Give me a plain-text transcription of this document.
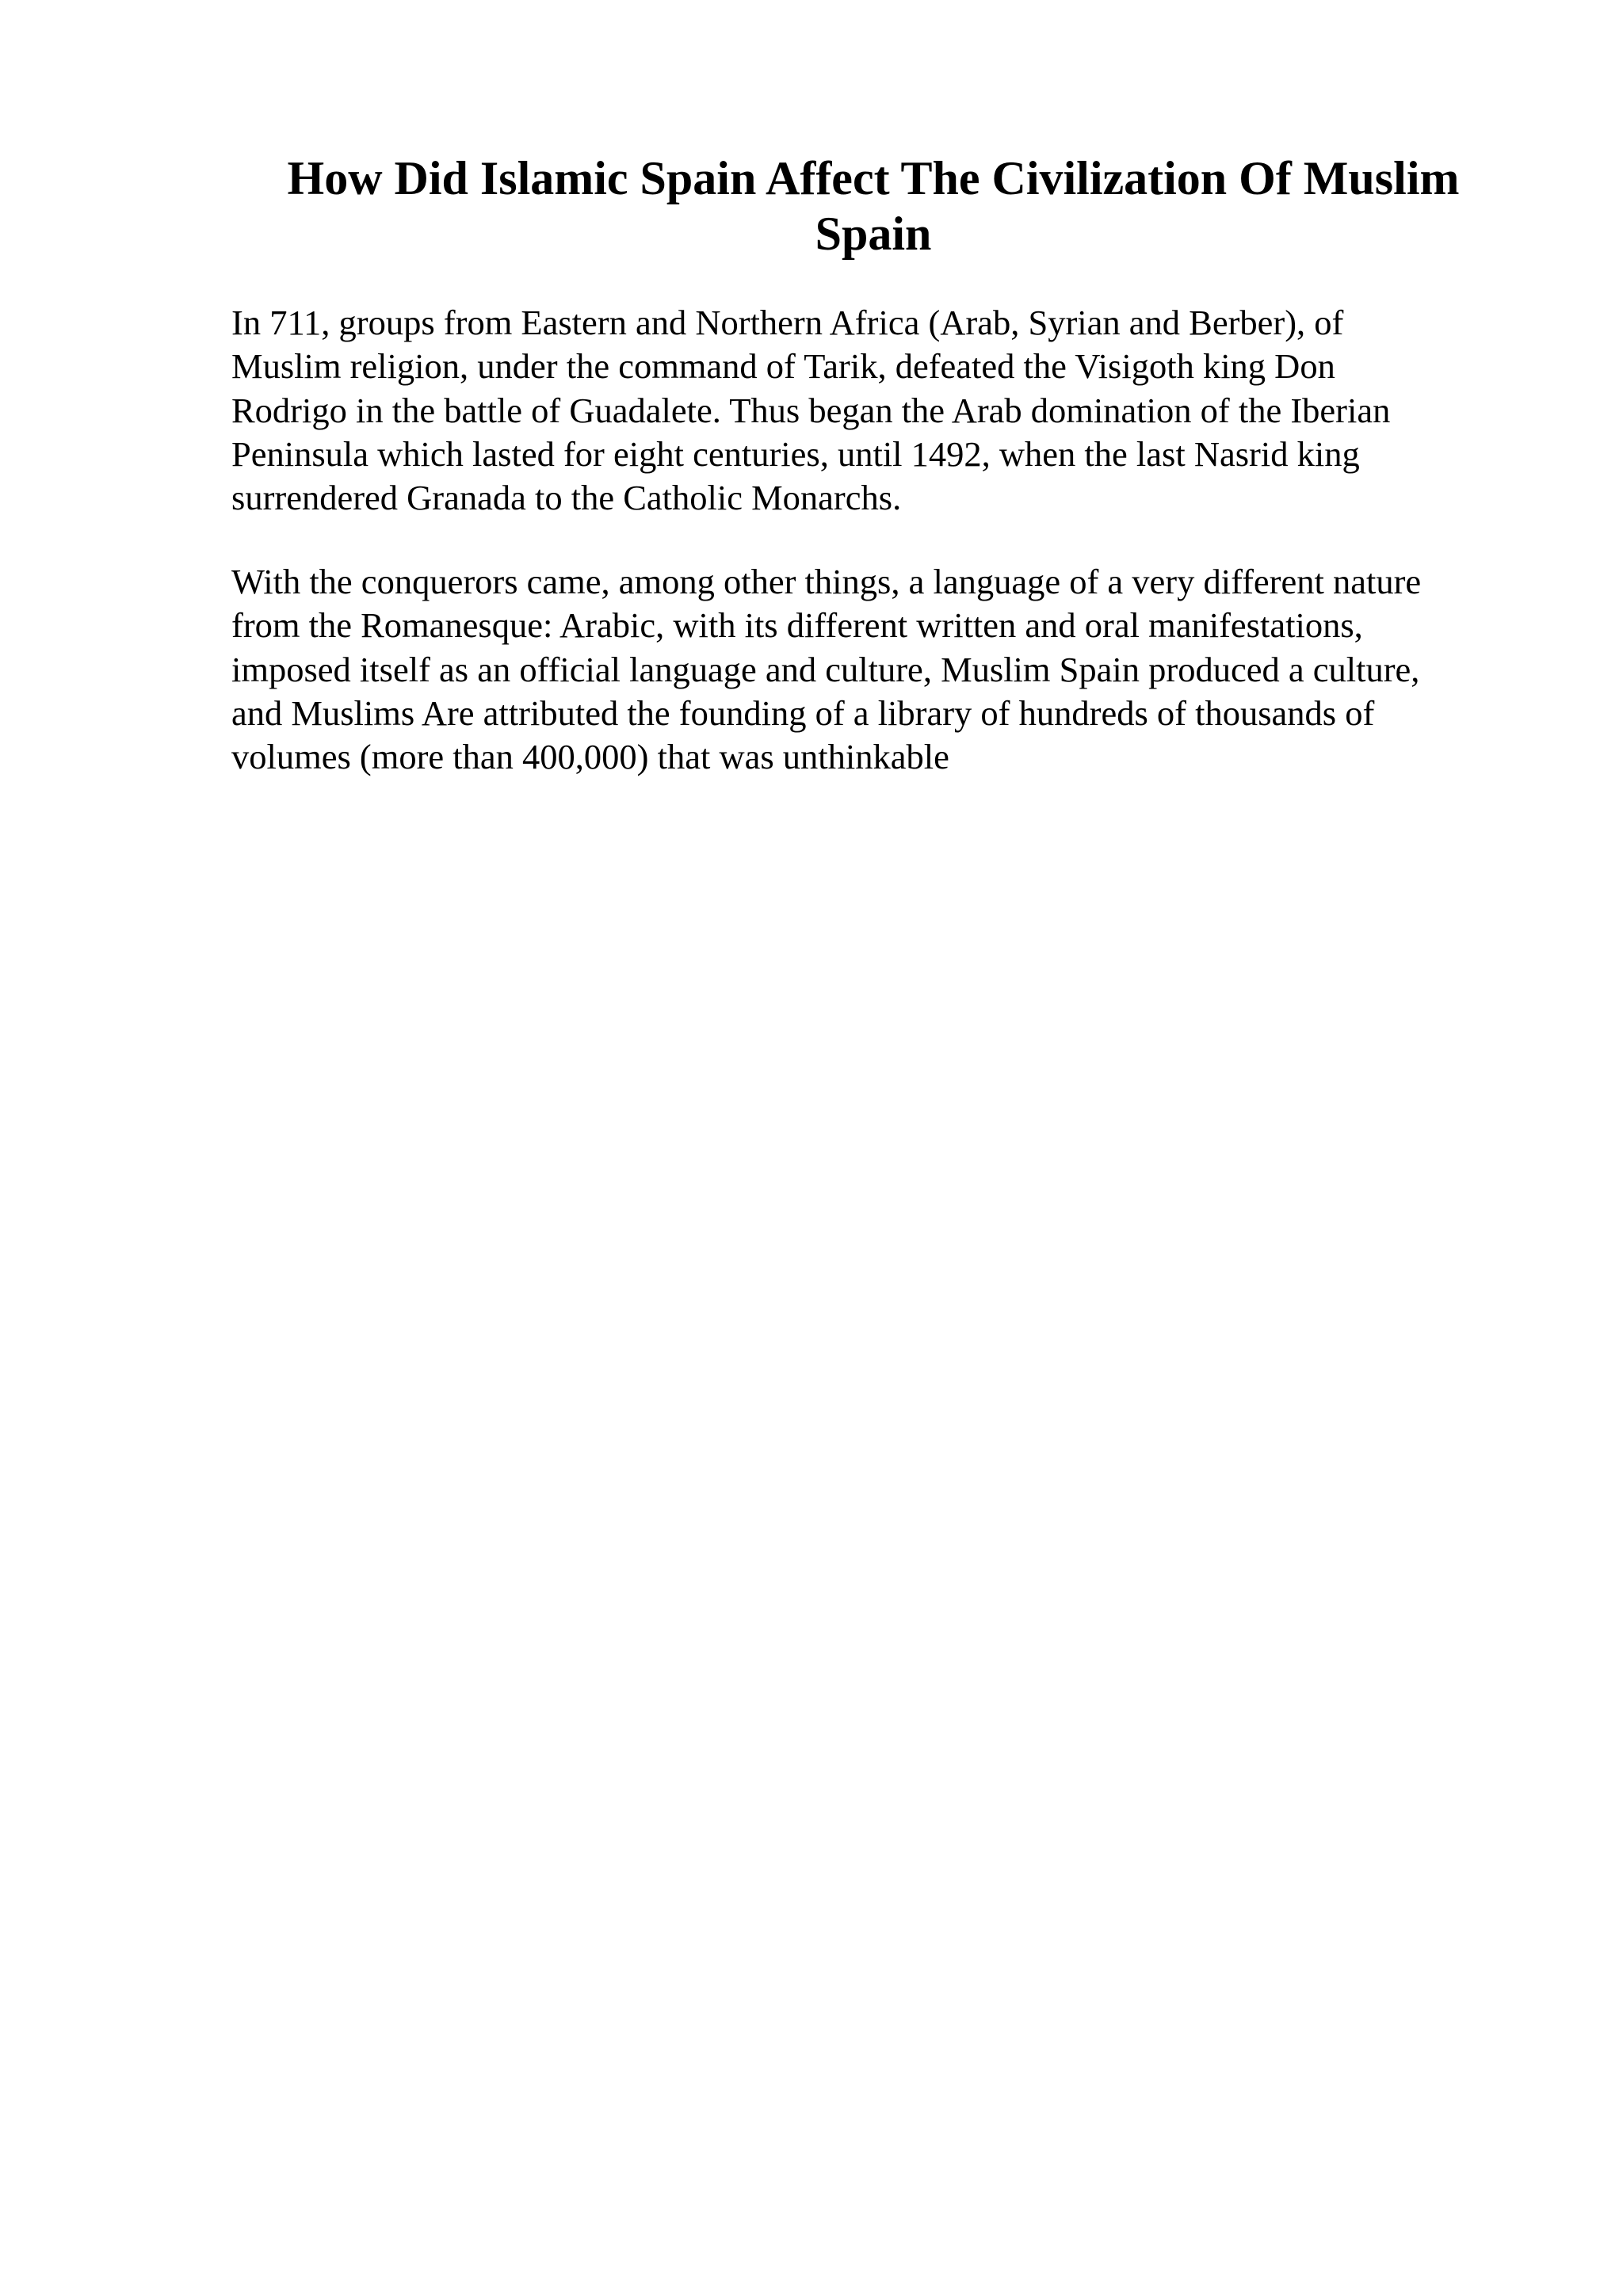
How Did Islamic Spain Affect The Civilization Of Muslim
Spain

In 711, groups from Eastern and Northern Africa (Arab, Syrian and Berber), of
Muslim religion, under the command of Tarik, defeated the Visigoth king Don
Rodrigo in the battle of Guadalete. Thus began the Arab domination of the Iberian
Peninsula which lasted for eight centuries, until 1492, when the last Nasrid king
surrendered Granada to the Catholic Monarchs.

With the conquerors came, among other things, a language of a very different nature
from the Romanesque: Arabic, with its different written and oral manifestations,
imposed itself as an official language and culture, Muslim Spain produced a culture,
and Muslims Are attributed the founding of a library of hundreds of thousands of
volumes (more than 400,000) that was unthinkable
